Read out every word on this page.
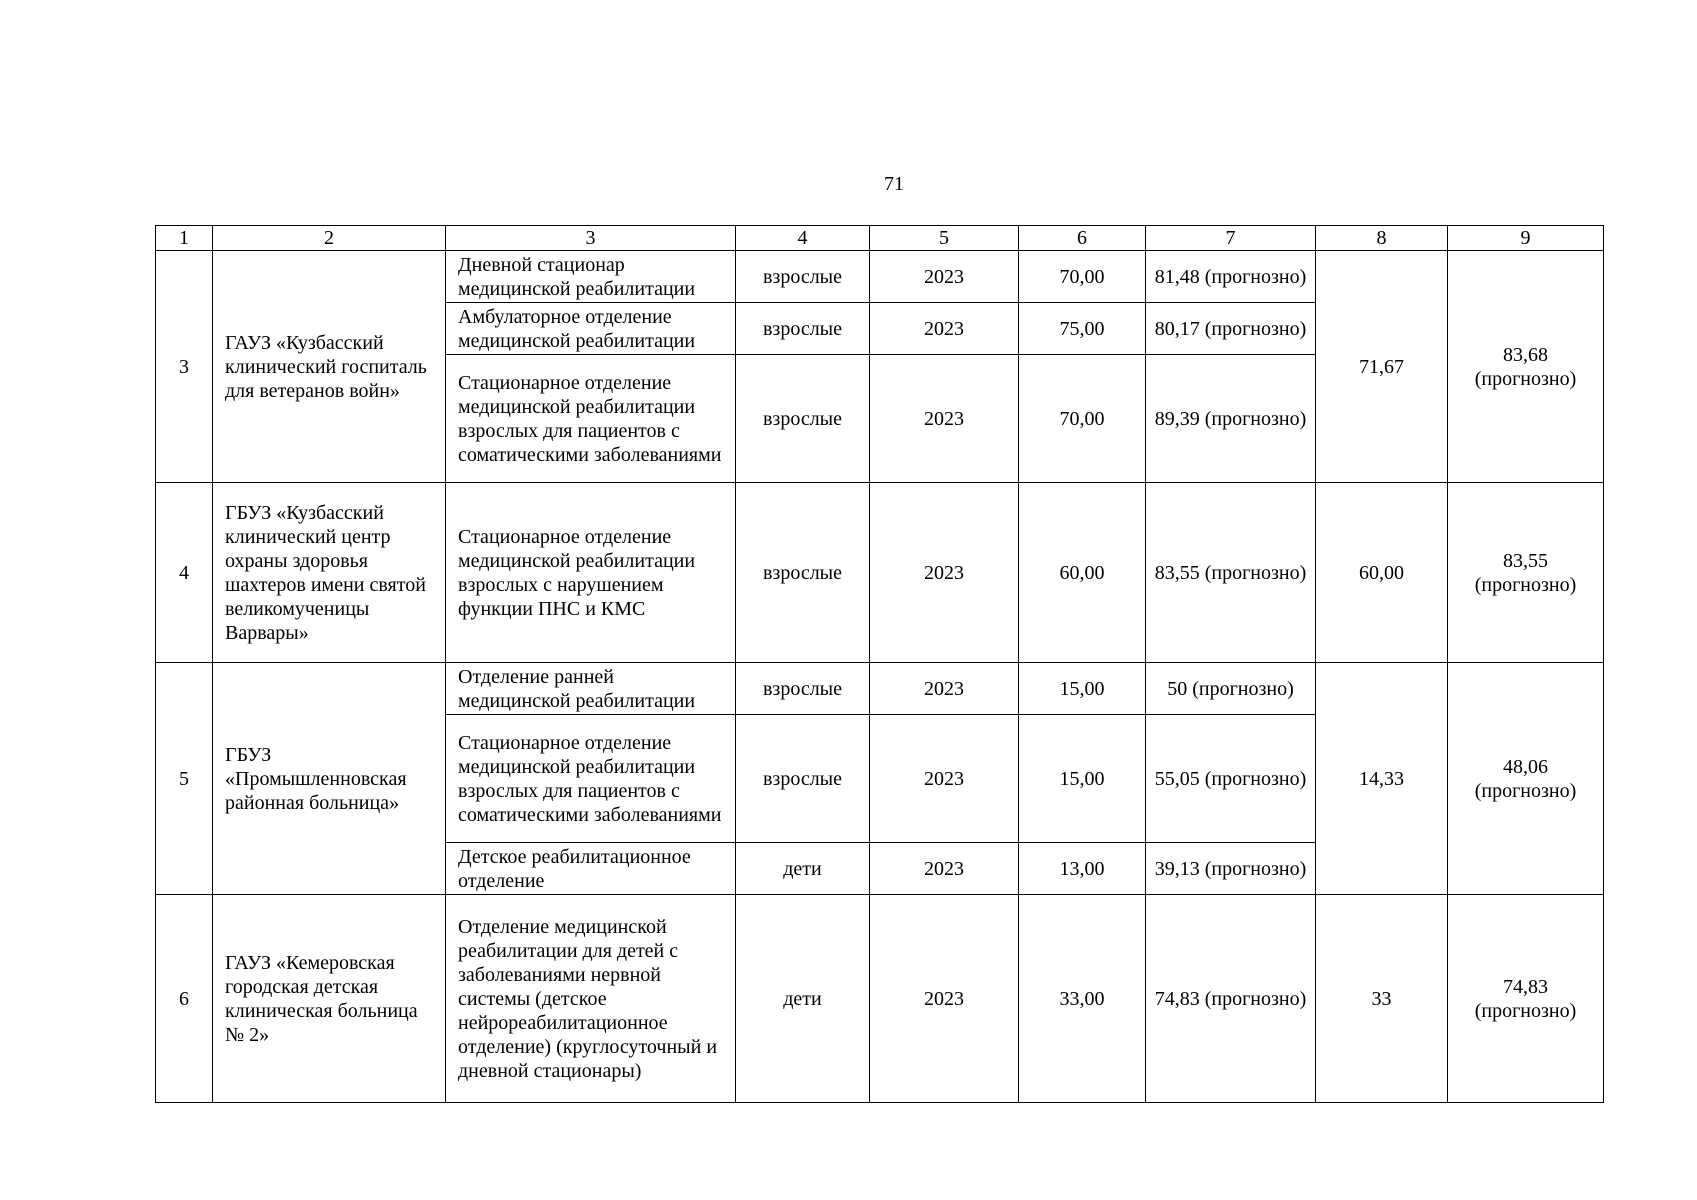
71
1	2	3	4	5	6	7	8	9
3	ГАУЗ «Кузбасский клинический госпиталь для ветеранов войн»	Дневной стационар медицинской реабилитации	взрослые	2023	70,00	81,48 (прогнозно)	71,67	83,68 (прогнозно)
		Амбулаторное отделение медицинской реабилитации	взрослые	2023	75,00	80,17 (прогнозно)		
		Стационарное отделение медицинской реабилитации взрослых для пациентов с соматическими заболеваниями	взрослые	2023	70,00	89,39 (прогнозно)		
4	ГБУЗ «Кузбасский клинический центр охраны здоровья шахтеров имени святой великомученицы Варвары»	Стационарное отделение медицинской реабилитации взрослых с нарушением функции ПНС и КМС	взрослые	2023	60,00	83,55 (прогнозно)	60,00	83,55 (прогнозно)
5	ГБУЗ «Промышленновская районная больница»	Отделение ранней медицинской реабилитации	взрослые	2023	15,00	50 (прогнозно)	14,33	48,06 (прогнозно)
		Стационарное отделение медицинской реабилитации взрослых для пациентов с соматическими заболеваниями	взрослые	2023	15,00	55,05 (прогнозно)		
		Детское реабилитационное отделение	дети	2023	13,00	39,13 (прогнозно)		
6	ГАУЗ «Кемеровская городская детская клиническая больница № 2»	Отделение медицинской реабилитации для детей с заболеваниями нервной системы (детское нейрореабилитационное отделение) (круглосуточный и дневной стационары)	дети	2023	33,00	74,83 (прогнозно)	33	74,83 (прогнозно)
